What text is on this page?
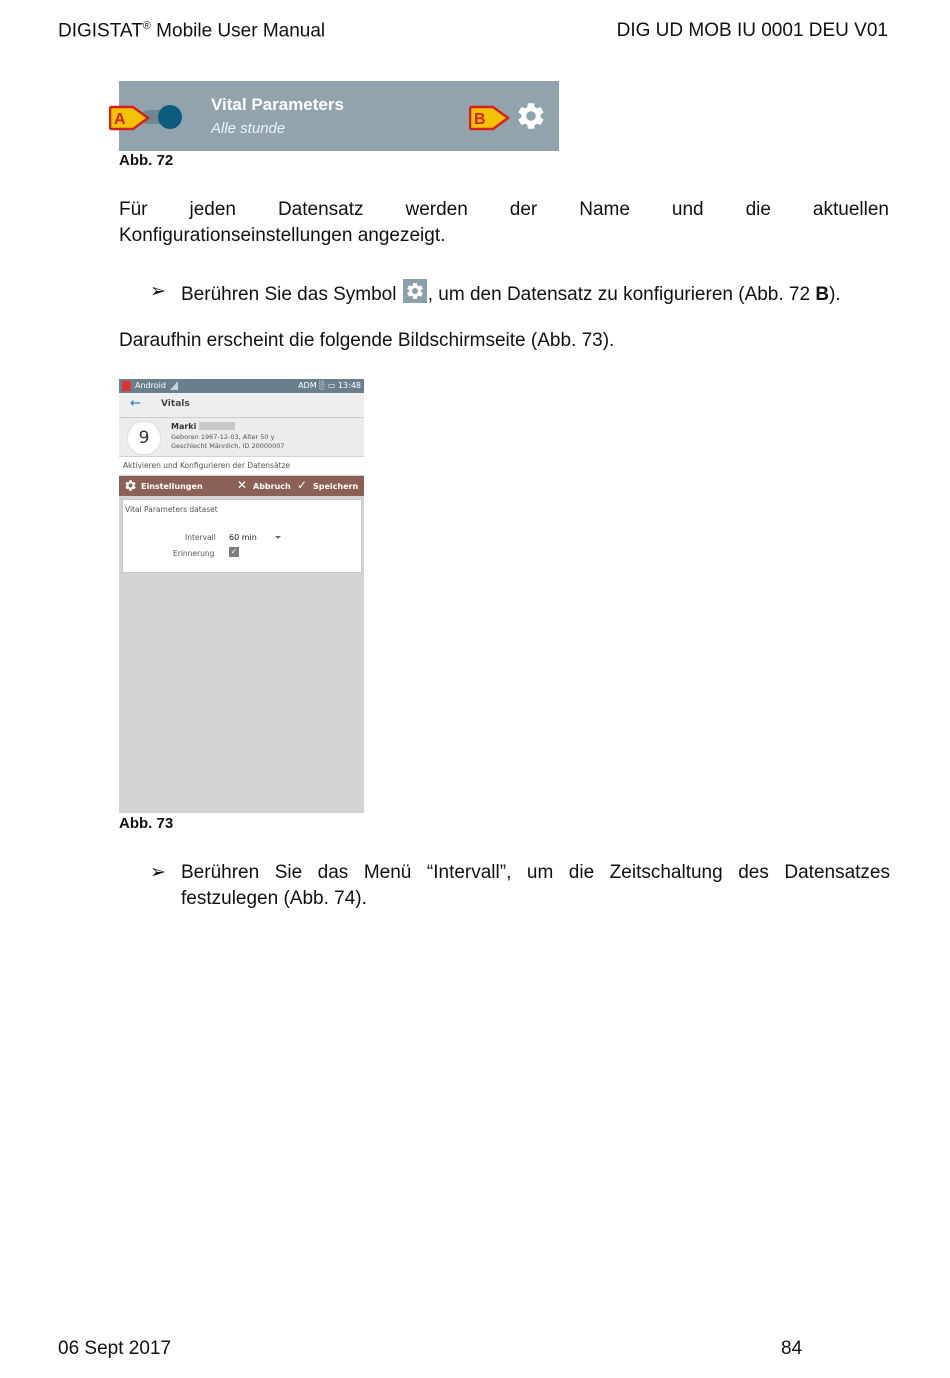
DIGISTAT® Mobile User Manual	DIG UD MOB IU 0001 DEU V01
A
Vital Parameters
Alle stunde
B
Abb. 72
Für jeden Datensatz werden der Name und die aktuellen
Konfigurationseinstellungen angezeigt.
➢ Berühren Sie das Symbol
, um den Datensatz zu konfigurieren (Abb. 72 B).
Daraufhin erscheint die folgende Bildschirmseite (Abb. 73).
Android	ADM ░ ▭ 13:48
← Vitals
9
Marki
Geboren 1967-12-03, Alter 50 y
Geschlecht Männlich, ID 20000007
Aktivieren und Konfigurieren der Datensätze
Einstellungen	✕ Abbruch ✓ Speichern
Vital Parameters dataset
Intervall 60 min
Erinnerung ✓
Abb. 73
➢ Berühren Sie das Menü “Intervall”, um die Zeitschaltung des Datensatzes festzulegen (Abb. 74).
06 Sept 2017	84
